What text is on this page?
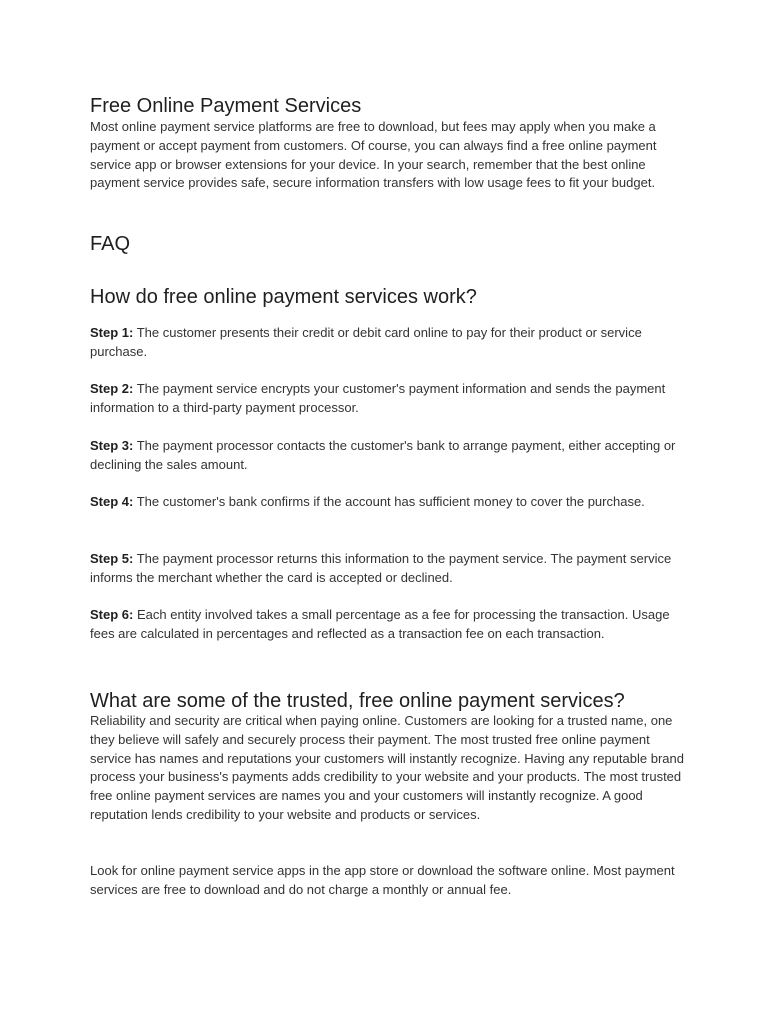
Free Online Payment Services

Most online payment service platforms are free to download, but fees may apply when you make a payment or accept payment from customers. Of course, you can always find a free online payment service app or browser extensions for your device. In your search, remember that the best online payment service provides safe, secure information transfers with low usage fees to fit your budget.

FAQ
How do free online payment services work?

Step 1: The customer presents their credit or debit card online to pay for their product or service purchase.

Step 2: The payment service encrypts your customer's payment information and sends the payment information to a third-party payment processor.

Step 3: The payment processor contacts the customer's bank to arrange payment, either accepting or declining the sales amount.

Step 4: The customer's bank confirms if the account has sufficient money to cover the purchase.

Step 5: The payment processor returns this information to the payment service. The payment service informs the merchant whether the card is accepted or declined.

Step 6: Each entity involved takes a small percentage as a fee for processing the transaction. Usage fees are calculated in percentages and reflected as a transaction fee on each transaction.

What are some of the trusted, free online payment services?

Reliability and security are critical when paying online. Customers are looking for a trusted name, one they believe will safely and securely process their payment. The most trusted free online payment service has names and reputations your customers will instantly recognize. Having any reputable brand process your business's payments adds credibility to your website and your products. The most trusted free online payment services are names you and your customers will instantly recognize. A good reputation lends credibility to your website and products or services.

Look for online payment service apps in the app store or download the software online. Most payment services are free to download and do not charge a monthly or annual fee.
